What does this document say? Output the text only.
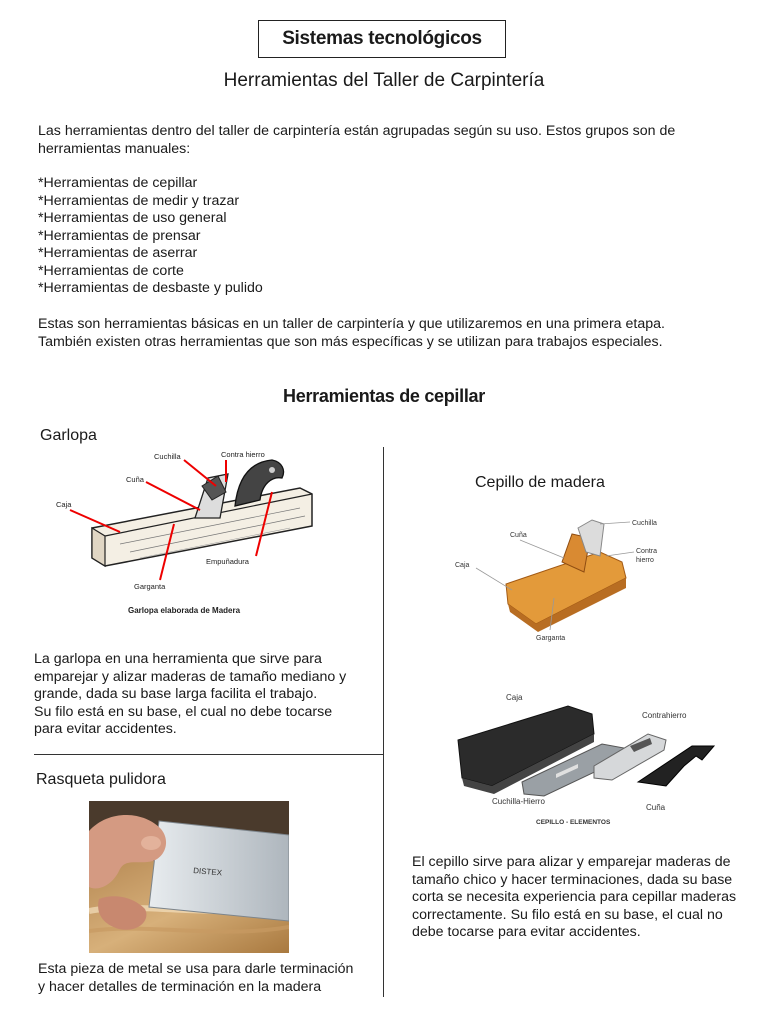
Sistemas tecnológicos
Herramientas del Taller de Carpintería
Las herramientas dentro del taller de carpintería están agrupadas según su uso. Estos grupos son de
herramientas manuales:
*Herramientas de cepillar
*Herramientas de medir y trazar
*Herramientas de uso general
*Herramientas de prensar
*Herramientas de aserrar
*Herramientas de corte
*Herramientas de desbaste y pulido
Estas son herramientas básicas en un taller de carpintería y que utilizaremos en una primera etapa.
También existen otras herramientas que son más específicas y se utilizan para trabajos especiales.
Herramientas de cepillar
Garlopa
Cuchilla	Contra hierro
Cuña
Caja
Empuñadura
Garganta
Garlopa elaborada de Madera
La garlopa en una herramienta que sirve para
emparejar y alizar maderas de tamaño mediano y
grande, dada su base larga facilita el trabajo.
Su filo está en su base, el cual no debe tocarse
para evitar accidentes.
Rasqueta pulidora
DISTEX
Esta pieza de metal se usa para darle terminación
y hacer detalles de terminación en la madera
Cepillo de madera
Cuchilla
Cuña
Contra
hierro
Caja
Garganta
Caja
Contrahierro
Cuchilla-Hierro
Cuña
CEPILLO - ELEMENTOS
El cepillo sirve para alizar y emparejar maderas de
tamaño chico y hacer terminaciones, dada su base
corta se necesita experiencia para cepillar maderas
correctamente. Su filo está en su base, el cual no
debe tocarse para evitar accidentes.
